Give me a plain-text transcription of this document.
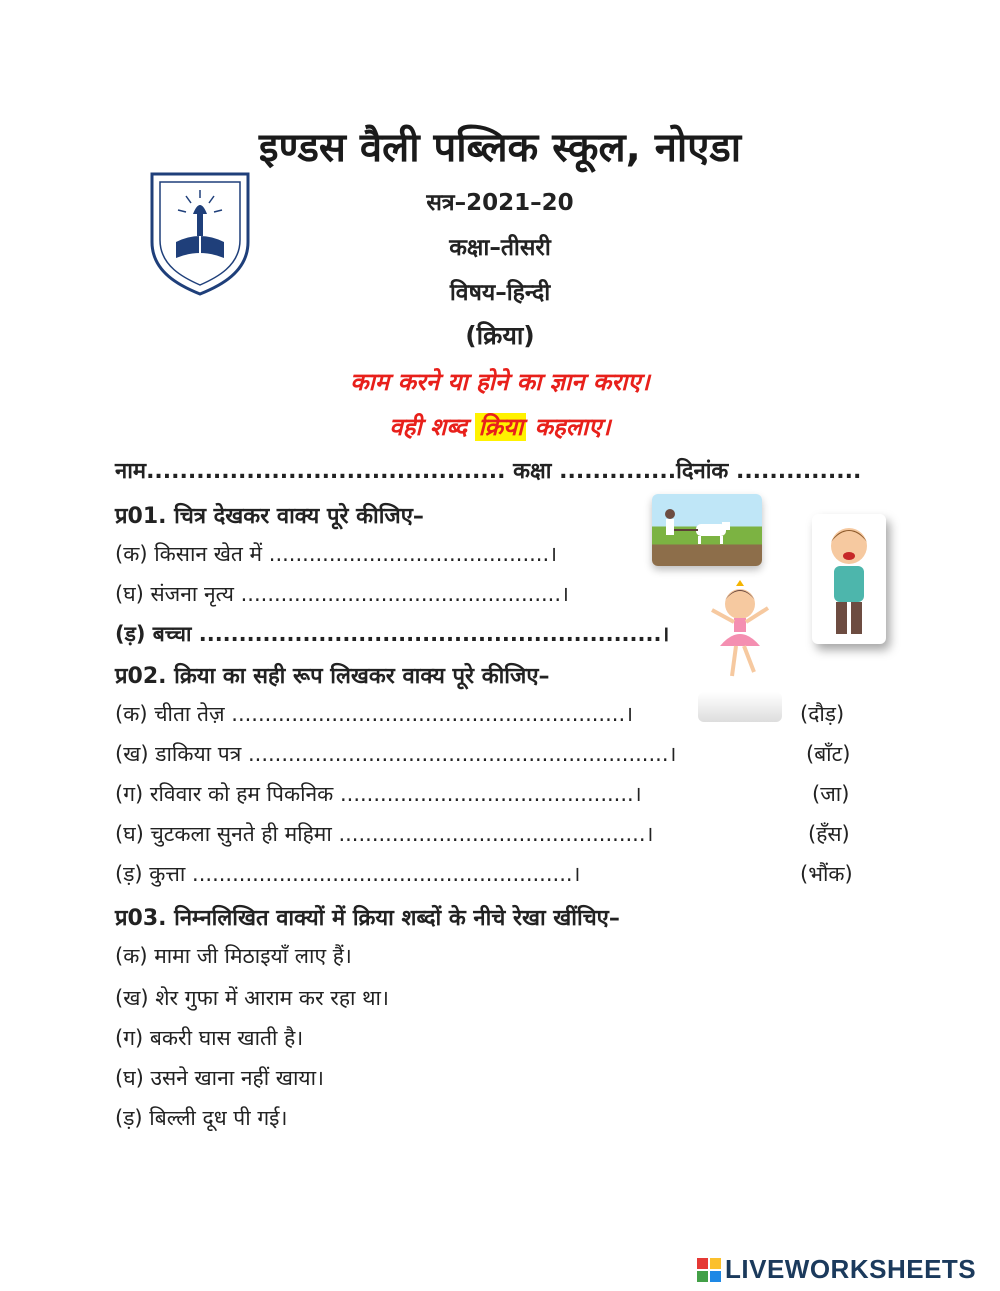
इण्डस वैली पब्लिक स्कूल, नोएडा
सत्र–2021–20
कक्षा–तीसरी
विषय–हिन्दी
(क्रिया)
काम करने या होने का ज्ञान कराए।
वही शब्द क्रिया कहलाए।
नाम........................................... कक्षा ..............दिनांक ...............
प्र01. चित्र देखकर वाक्य पूरे कीजिए–
(क) किसान खेत में ..........................................।
(घ) संजना नृत्य ................................................।
(ड़) बच्चा ..........................................................।
प्र02. क्रिया का सही रूप लिखकर वाक्य पूरे कीजिए–
(क) चीता तेज़ ...........................................................।	(दौड़)
(ख) डाकिया पत्र ...............................................................।	(बाँट)
(ग) रविवार को हम पिकनिक ............................................।	(जा)
(घ) चुटकला सुनते ही महिमा ..............................................।	(हँस)
(ड़) कुत्ता .........................................................।	(भौंक)
प्र03. निम्नलिखित वाक्यों में क्रिया शब्दों के नीचे रेखा खींचिए–
(क) मामा जी मिठाइयाँ लाए हैं।
(ख) शेर गुफा में आराम कर रहा था।
(ग) बकरी घास खाती है।
(घ) उसने खाना नहीं खाया।
(ड़) बिल्ली दूध पी गई।
LIVEWORKSHEETS
